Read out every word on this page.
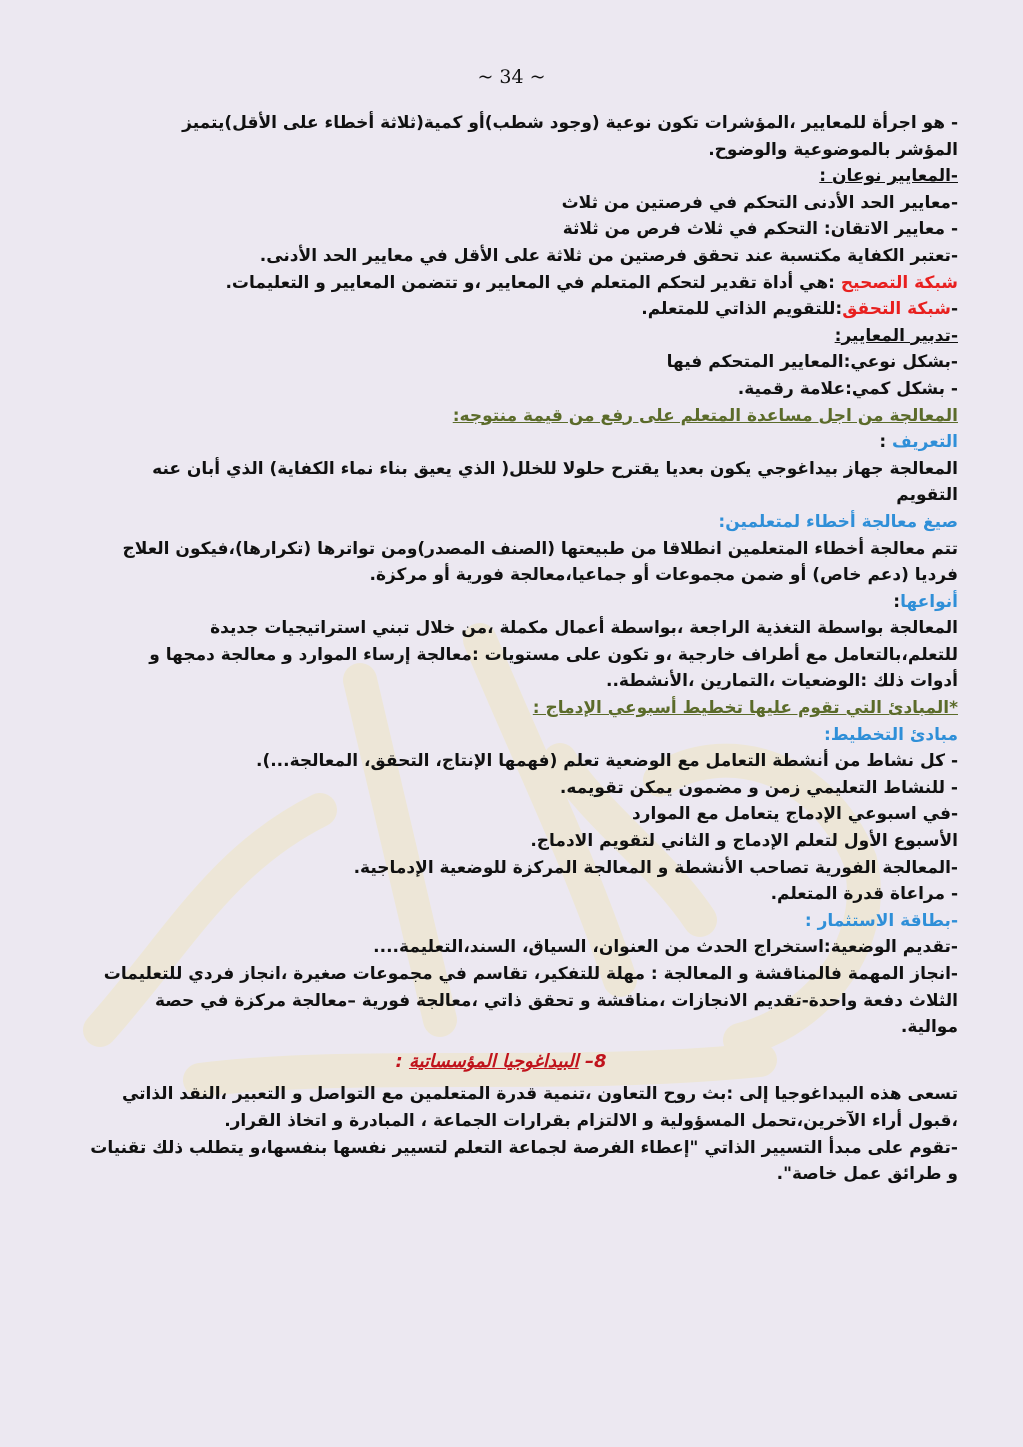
~ 34 ~
- هو اجرأة للمعايير ،المؤشرات تكون نوعية (وجود شطب)أو كمية(ثلاثة أخطاء على الأقل)يتميز
المؤشر بالموضوعية والوضوح.
-المعايير نوعان :
-معايير الحد الأدنى التحكم في فرصتين من ثلاث
- معايير الاتقان: التحكم في ثلاث فرص من ثلاثة
-تعتبر الكفاية مكتسبة عند تحقق فرصتين من ثلاثة على الأقل في معايير الحد الأدنى.
شبكة التصحيح :هي أداة تقدير لتحكم المتعلم في المعايير ،و تتضمن المعايير و التعليمات.
-شبكة التحقق:للتقويم الذاتي للمتعلم.
-تدبير المعايير:
-بشكل نوعي:المعايير المتحكم فيها
- بشكل كمي:علامة رقمية.
المعالجة من اجل مساعدة المتعلم على رفع من قيمة منتوجه:
التعريف :
المعالجة جهاز بيداغوجي يكون بعديا يقترح حلولا للخلل( الذي يعيق بناء نماء الكفاية) الذي أبان عنه
التقويم
صيغ معالجة أخطاء لمتعلمين:
تتم معالجة أخطاء المتعلمين انطلاقا من طبيعتها (الصنف المصدر)ومن تواترها (تكرارها)،فيكون العلاج
فرديا (دعم خاص) أو ضمن مجموعات أو جماعيا،معالجة فورية أو مركزة.
أنواعها:
المعالجة بواسطة التغذية الراجعة ،بواسطة أعمال مكملة ،من خلال تبني استراتيجيات جديدة
للتعلم،بالتعامل مع أطراف خارجية ،و تكون على مستويات :معالجة إرساء الموارد و معالجة دمجها و
أدوات ذلك :الوضعيات ،التمارين ،الأنشطة..
*المبادئ التي تقوم عليها تخطيط أسبوعي الإدماج :
مبادئ التخطيط:
- كل نشاط من أنشطة التعامل مع الوضعية تعلم (فهمها الإنتاج، التحقق، المعالجة...).
- للنشاط التعليمي زمن و مضمون يمكن تقويمه.
-في اسبوعي الإدماج يتعامل مع الموارد
الأسبوع الأول لتعلم الإدماج و الثاني لتقويم الادماج.
-المعالجة الفورية تصاحب الأنشطة و المعالجة المركزة للوضعية الإدماجية.
- مراعاة قدرة المتعلم.
-بطاقة الاستثمار :
-تقديم الوضعية:استخراج الحدث من العنوان، السياق، السند،التعليمة....
-انجاز المهمة فالمناقشة و المعالجة : مهلة للتفكير، تقاسم في مجموعات صغيرة ،انجاز فردي للتعليمات
الثلاث دفعة واحدة-تقديم الانجازات ،مناقشة و تحقق ذاتي ،معالجة فورية –معالجة مركزة في حصة
موالية.
8– البيداغوجيا المؤسساتية :
تسعى هذه البيداغوجيا إلى :بث روح التعاون ،تنمية قدرة المتعلمين مع التواصل و التعبير ،النقد الذاتي
،قبول أراء الآخرين،تحمل المسؤولية و الالتزام بقرارات الجماعة ، المبادرة و اتخاذ القرار.
-تقوم على مبدأ التسيير الذاتي "إعطاء الفرصة لجماعة التعلم لتسيير نفسها بنفسها،و يتطلب ذلك تقنيات
و طرائق عمل خاصة".
